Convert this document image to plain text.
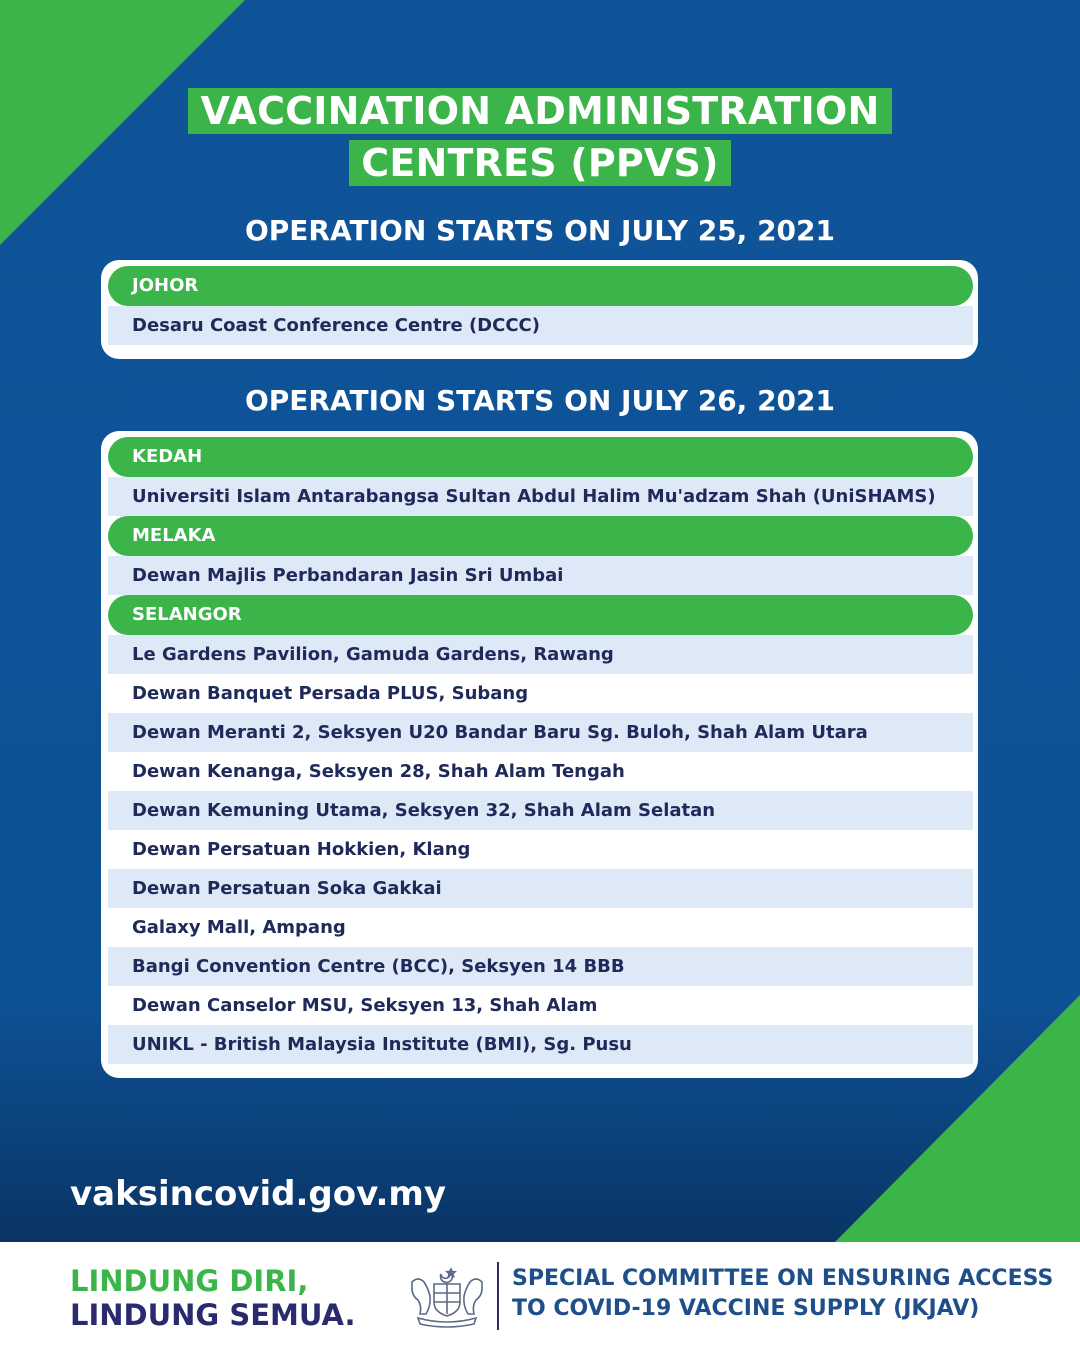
VACCINATION ADMINISTRATION
CENTRES (PPVS)
OPERATION STARTS ON JULY 25, 2021
JOHOR
Desaru Coast Conference Centre (DCCC)
OPERATION STARTS ON JULY 26, 2021
KEDAH
Universiti Islam Antarabangsa Sultan Abdul Halim Mu'adzam Shah (UniSHAMS)
MELAKA
Dewan Majlis Perbandaran Jasin Sri Umbai
SELANGOR
Le Gardens Pavilion, Gamuda Gardens, Rawang
Dewan Banquet Persada PLUS, Subang
Dewan Meranti 2, Seksyen U20 Bandar Baru Sg. Buloh, Shah Alam Utara
Dewan Kenanga, Seksyen 28, Shah Alam Tengah
Dewan Kemuning Utama, Seksyen 32, Shah Alam Selatan
Dewan Persatuan Hokkien, Klang
Dewan Persatuan Soka Gakkai
Galaxy Mall, Ampang
Bangi Convention Centre (BCC), Seksyen 14 BBB
Dewan Canselor MSU, Seksyen 13, Shah Alam
UNIKL - British Malaysia Institute (BMI), Sg. Pusu
vaksincovid.gov.my
LINDUNG DIRI,
LINDUNG SEMUA.
SPECIAL COMMITTEE ON ENSURING ACCESS
TO COVID-19 VACCINE SUPPLY (JKJAV)
